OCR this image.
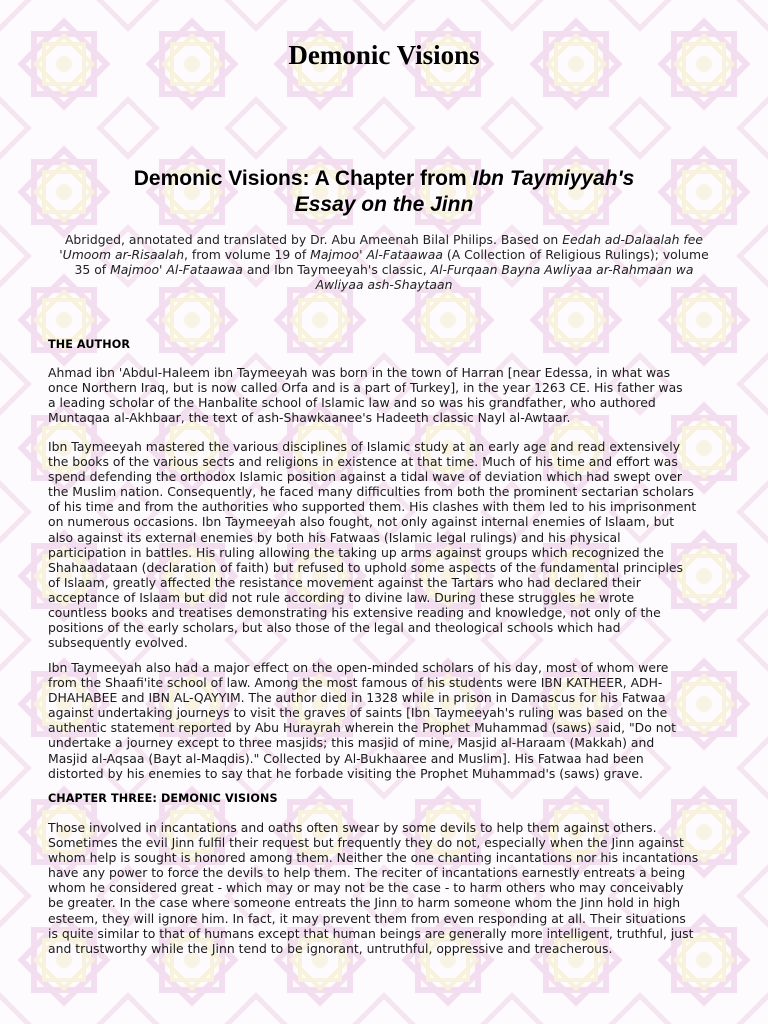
Demonic Visions
Demonic Visions: A Chapter from Ibn Taymiyyah's
Essay on the Jinn

Abridged, annotated and translated by Dr. Abu Ameenah Bilal Philips. Based on Eedah ad-Dalaalah fee
'Umoom ar-Risaalah, from volume 19 of Majmoo' Al-Fataawaa (A Collection of Religious Rulings); volume
35 of Majmoo' Al-Fataawaa and Ibn Taymeeyah's classic, Al-Furqaan Bayna Awliyaa ar-Rahmaan wa
Awliyaa ash-Shaytaan

THE AUTHOR

Ahmad ibn 'Abdul-Haleem ibn Taymeeyah was born in the town of Harran [near Edessa, in what was
once Northern Iraq, but is now called Orfa and is a part of Turkey], in the year 1263 CE. His father was
a leading scholar of the Hanbalite school of Islamic law and so was his grandfather, who authored
Muntaqaa al-Akhbaar, the text of ash-Shawkaanee's Hadeeth classic Nayl al-Awtaar.

Ibn Taymeeyah mastered the various disciplines of Islamic study at an early age and read extensively
the books of the various sects and religions in existence at that time. Much of his time and effort was
spend defending the orthodox Islamic position against a tidal wave of deviation which had swept over
the Muslim nation. Consequently, he faced many difficulties from both the prominent sectarian scholars
of his time and from the authorities who supported them. His clashes with them led to his imprisonment
on numerous occasions. Ibn Taymeeyah also fought, not only against internal enemies of Islaam, but
also against its external enemies by both his Fatwaas (Islamic legal rulings) and his physical
participation in battles. His ruling allowing the taking up arms against groups which recognized the
Shahaadataan (declaration of faith) but refused to uphold some aspects of the fundamental principles
of Islaam, greatly affected the resistance movement against the Tartars who had declared their
acceptance of Islaam but did not rule according to divine law. During these struggles he wrote
countless books and treatises demonstrating his extensive reading and knowledge, not only of the
positions of the early scholars, but also those of the legal and theological schools which had
subsequently evolved.

Ibn Taymeeyah also had a major effect on the open-minded scholars of his day, most of whom were
from the Shaafi'ite school of law. Among the most famous of his students were IBN KATHEER, ADH-
DHAHABEE and IBN AL-QAYYIM. The author died in 1328 while in prison in Damascus for his Fatwaa
against undertaking journeys to visit the graves of saints [Ibn Taymeeyah's ruling was based on the
authentic statement reported by Abu Hurayrah wherein the Prophet Muhammad (saws) said, "Do not
undertake a journey except to three masjids; this masjid of mine, Masjid al-Haraam (Makkah) and
Masjid al-Aqsaa (Bayt al-Maqdis)." Collected by Al-Bukhaaree and Muslim]. His Fatwaa had been
distorted by his enemies to say that he forbade visiting the Prophet Muhammad's (saws) grave.

CHAPTER THREE: DEMONIC VISIONS

Those involved in incantations and oaths often swear by some devils to help them against others.
Sometimes the evil Jinn fulfil their request but frequently they do not, especially when the Jinn against
whom help is sought is honored among them. Neither the one chanting incantations nor his incantations
have any power to force the devils to help them. The reciter of incantations earnestly entreats a being
whom he considered great - which may or may not be the case - to harm others who may conceivably
be greater. In the case where someone entreats the Jinn to harm someone whom the Jinn hold in high
esteem, they will ignore him. In fact, it may prevent them from even responding at all. Their situations
is quite similar to that of humans except that human beings are generally more intelligent, truthful, just
and trustworthy while the Jinn tend to be ignorant, untruthful, oppressive and treacherous.
